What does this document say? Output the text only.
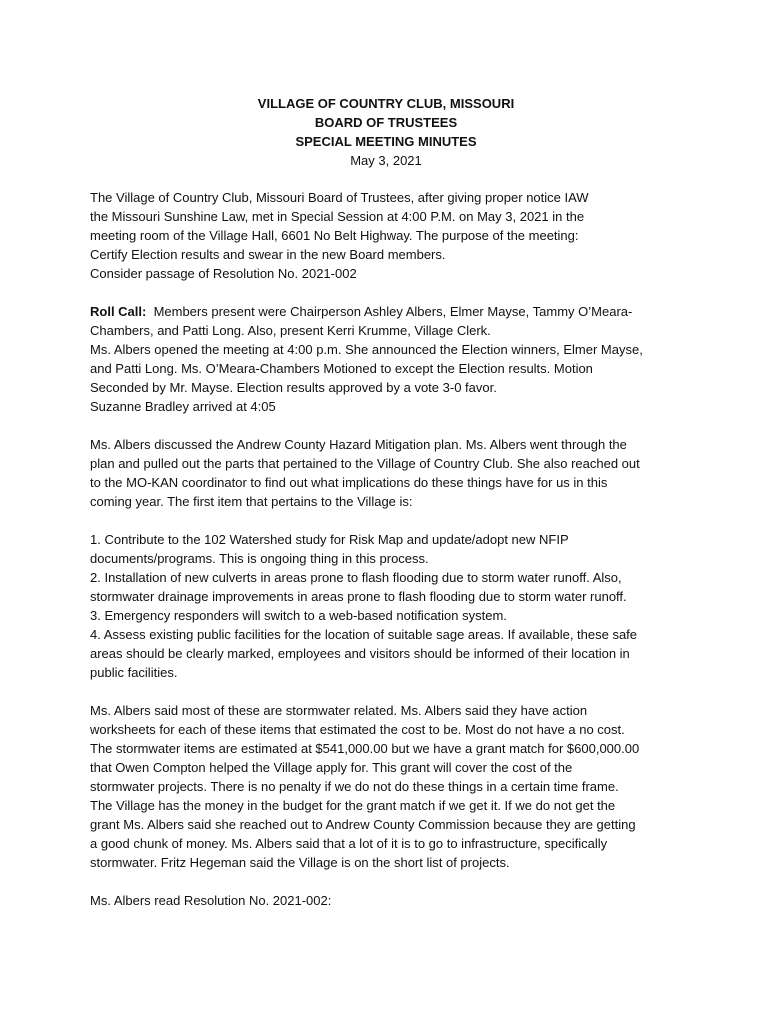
VILLAGE OF COUNTRY CLUB, MISSOURI
BOARD OF TRUSTEES
SPECIAL MEETING MINUTES
May 3, 2021
The Village of Country Club, Missouri Board of Trustees, after giving proper notice IAW
the Missouri Sunshine Law, met in Special Session at 4:00 P.M. on May 3, 2021 in the
meeting room of the Village Hall, 6601 No Belt Highway. The purpose of the meeting:
Certify Election results and swear in the new Board members.
Consider passage of Resolution No. 2021-002
Roll Call:  Members present were Chairperson Ashley Albers, Elmer Mayse, Tammy O’Meara-
Chambers, and Patti Long. Also, present Kerri Krumme, Village Clerk.
Ms. Albers opened the meeting at 4:00 p.m. She announced the Election winners, Elmer Mayse,
and Patti Long. Ms. O’Meara-Chambers Motioned to except the Election results. Motion
Seconded by Mr. Mayse. Election results approved by a vote 3-0 favor.
Suzanne Bradley arrived at 4:05
Ms. Albers discussed the Andrew County Hazard Mitigation plan. Ms. Albers went through the
plan and pulled out the parts that pertained to the Village of Country Club. She also reached out
to the MO-KAN coordinator to find out what implications do these things have for us in this
coming year. The first item that pertains to the Village is:
1. Contribute to the 102 Watershed study for Risk Map and update/adopt new NFIP
documents/programs. This is ongoing thing in this process.
2. Installation of new culverts in areas prone to flash flooding due to storm water runoff. Also,
stormwater drainage improvements in areas prone to flash flooding due to storm water runoff.
3. Emergency responders will switch to a web-based notification system.
4. Assess existing public facilities for the location of suitable sage areas. If available, these safe
areas should be clearly marked, employees and visitors should be informed of their location in
public facilities.
Ms. Albers said most of these are stormwater related. Ms. Albers said they have action
worksheets for each of these items that estimated the cost to be. Most do not have a no cost.
The stormwater items are estimated at $541,000.00 but we have a grant match for $600,000.00
that Owen Compton helped the Village apply for. This grant will cover the cost of the
stormwater projects. There is no penalty if we do not do these things in a certain time frame.
The Village has the money in the budget for the grant match if we get it. If we do not get the
grant Ms. Albers said she reached out to Andrew County Commission because they are getting
a good chunk of money. Ms. Albers said that a lot of it is to go to infrastructure, specifically
stormwater. Fritz Hegeman said the Village is on the short list of projects.
Ms. Albers read Resolution No. 2021-002:
